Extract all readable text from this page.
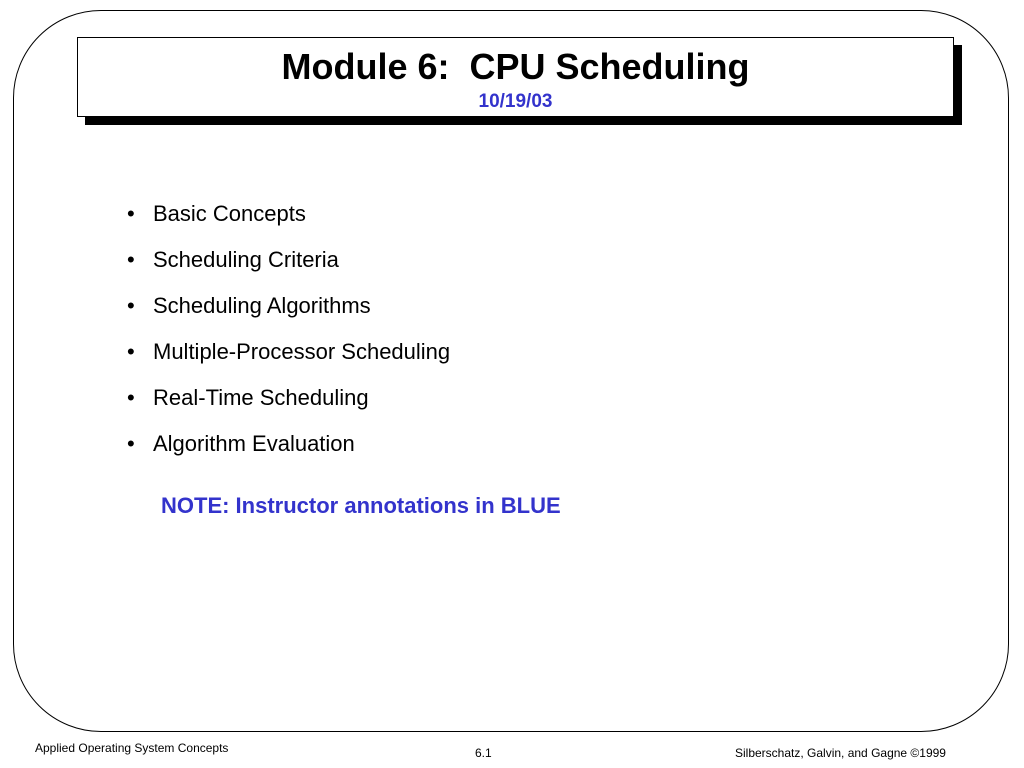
Module 6:  CPU Scheduling
10/19/03
• Basic Concepts
• Scheduling Criteria
• Scheduling Algorithms
• Multiple-Processor Scheduling
• Real-Time Scheduling
• Algorithm Evaluation
NOTE: Instructor annotations in BLUE
Applied Operating System Concepts	6.1	Silberschatz, Galvin, and Gagne ©1999
